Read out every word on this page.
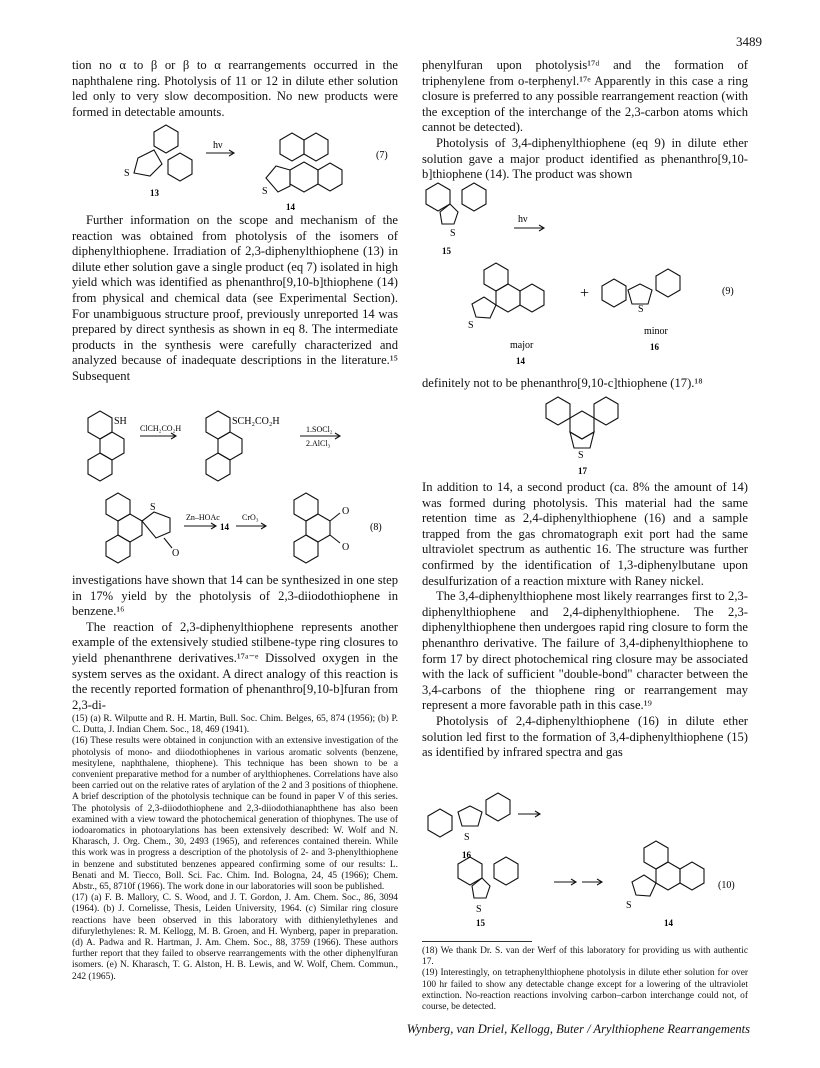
3489

tion no α to β or β to α rearrangements occurred in the naphthalene ring. Photolysis of 11 or 12 in dilute ether solution led only to very slow decomposition. No new products were formed in detectable amounts.

Further information on the scope and mechanism of the reaction was obtained from photolysis of the isomers of diphenylthiophene. Irradiation of 2,3-diphenylthiophene (13) in dilute ether solution gave a single product (eq 7) isolated in high yield which was identified as phenanthro[9,10-b]thiophene (14) from physical and chemical data (see Experimental Section). For unambiguous structure proof, previously unreported 14 was prepared by direct synthesis as shown in eq 8. The intermediate products in the synthesis were carefully characterized and analyzed because of inadequate descriptions in the literature.¹⁵ Subsequent

investigations have shown that 14 can be synthesized in one step in 17% yield by the photolysis of 2,3-diiodothiophene in benzene.¹⁶

The reaction of 2,3-diphenylthiophene represents another example of the extensively studied stilbene-type ring closures to yield phenanthrene derivatives.¹⁷ᵃ⁻ᵉ Dissolved oxygen in the system serves as the oxidant. A direct analogy of this reaction is the recently reported formation of phenanthro[9,10-b]furan from 2,3-di-

(15) (a) R. Wilputte and R. H. Martin, Bull. Soc. Chim. Belges, 65, 874 (1956); (b) P. C. Dutta, J. Indian Chem. Soc., 18, 469 (1941).

(16) These results were obtained in conjunction with an extensive investigation of the photolysis of mono- and diiodothiophenes in various aromatic solvents (benzene, mesitylene, naphthalene, thiophene). This technique has been shown to be a convenient preparative method for a number of arylthiophenes. Correlations have also been carried out on the relative rates of arylation of the 2 and 3 positions of thiophene. A brief description of the photolysis technique can be found in paper V of this series. The photolysis of 2,3-diiodothiophene and 2,3-diiodothianaphthene has also been examined with a view toward the photochemical generation of thiophynes. The use of iodoaromatics in photoarylations has been extensively described: W. Wolf and N. Kharasch, J. Org. Chem., 30, 2493 (1965), and references contained therein. While this work was in progress a description of the photolysis of 2- and 3-phenylthiophene in benzene and substituted benzenes appeared confirming some of our results: L. Benati and M. Tiecco, Boll. Sci. Fac. Chim. Ind. Bologna, 24, 45 (1966); Chem. Abstr., 65, 8710f (1966). The work done in our laboratories will soon be published.

(17) (a) F. B. Mallory, C. S. Wood, and J. T. Gordon, J. Am. Chem. Soc., 86, 3094 (1964). (b) J. Cornelisse, Thesis, Leiden University, 1964. (c) Similar ring closure reactions have been observed in this laboratory with dithienylethylenes and difurylethylenes: R. M. Kellogg, M. B. Groen, and H. Wynberg, paper in preparation. (d) A. Padwa and R. Hartman, J. Am. Chem. Soc., 88, 3759 (1966). These authors further report that they failed to observe rearrangements with the other diphenylfuran isomers. (e) N. Kharasch, T. G. Alston, H. B. Lewis, and W. Wolf, Chem. Commun., 242 (1965).

phenylfuran upon photolysis¹⁷ᵈ and the formation of triphenylene from o-terphenyl.¹⁷ᵉ Apparently in this case a ring closure is preferred to any possible rearrangement reaction (with the exception of the interchange of the 2,3-carbon atoms which cannot be detected).

Photolysis of 3,4-diphenylthiophene (eq 9) in dilute ether solution gave a major product identified as phenanthro[9,10-b]thiophene (14). The product was shown

definitely not to be phenanthro[9,10-c]thiophene (17).¹⁸

In addition to 14, a second product (ca. 8% the amount of 14) was formed during photolysis. This material had the same retention time as 2,4-diphenylthiophene (16) and a sample trapped from the gas chromatograph exit port had the same ultraviolet spectrum as authentic 16. The structure was further confirmed by the identification of 1,3-diphenylbutane upon desulfurization of a reaction mixture with Raney nickel.

The 3,4-diphenylthiophene most likely rearranges first to 2,3-diphenylthiophene and 2,4-diphenylthiophene. The 2,3-diphenylthiophene then undergoes rapid ring closure to form the phenanthro derivative. The failure of 3,4-diphenylthiophene to form 17 by direct photochemical ring closure may be associated with the lack of sufficient "double-bond" character between the 3,4-carbons of the thiophene ring or rearrangement may represent a more favorable path in this case.¹⁹

Photolysis of 2,4-diphenylthiophene (16) in dilute ether solution led first to the formation of 3,4-diphenylthiophene (15) as identified by infrared spectra and gas

(18) We thank Dr. S. van der Werf of this laboratory for providing us with authentic 17.

(19) Interestingly, on tetraphenylthiophene photolysis in dilute ether solution for over 100 hr failed to show any detectable change except for a lowering of the ultraviolet extinction. No-reaction reactions involving carbon–carbon interchange could not, of course, be detected.

hν
S
13	S
14
(7)
SH
ClCH₂CO₂H
SCH₂CO₂H
1.SOCl₂
2.AlCl₃
S
O
Zn–HOAc
14
CrO₃
O
O
(8)
hν
S
15
S
+
S
(9)
major
14
minor
16
S
17
S
16
S
15
S
14
(10)
Wynberg, van Driel, Kellogg, Buter / Arylthiophene Rearrangements
